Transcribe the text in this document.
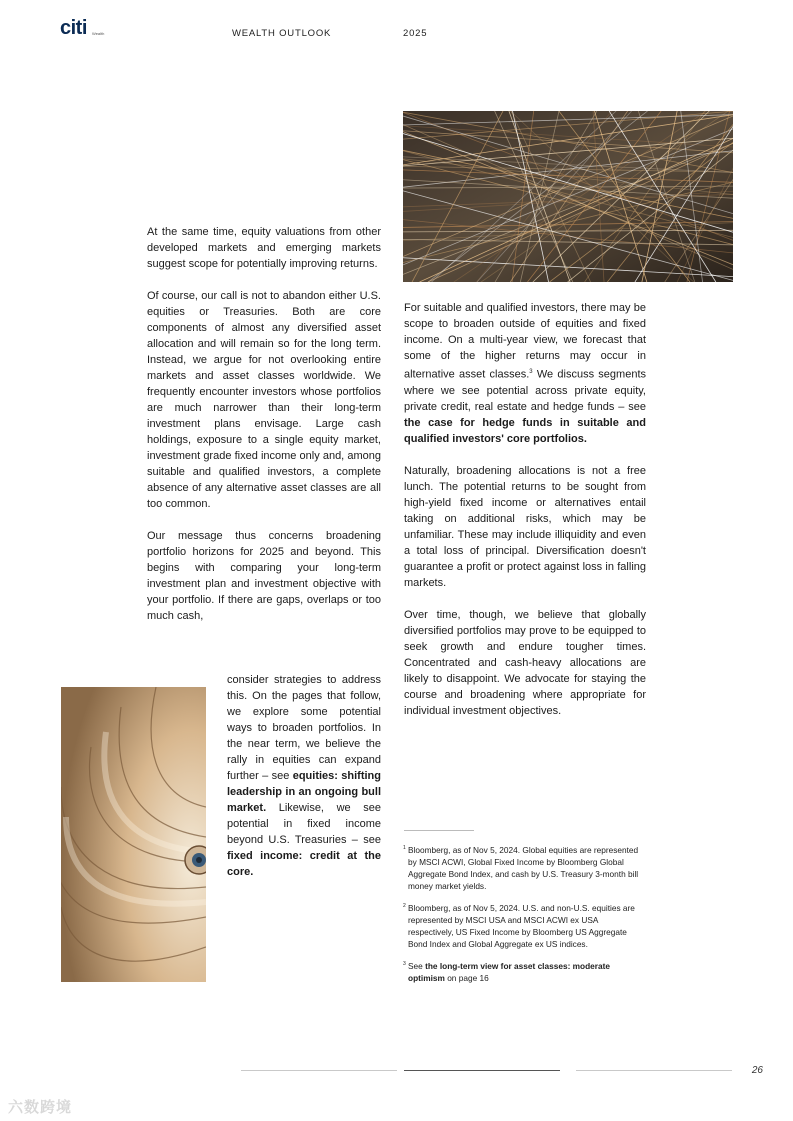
citi Wealth	WEALTH OUTLOOK	2025

At the same time, equity valuations from other developed markets and emerging markets suggest scope for potentially improving returns.

Of course, our call is not to abandon either U.S. equities or Treasuries. Both are core components of almost any diversified asset allocation and will remain so for the long term. Instead, we argue for not overlooking entire markets and asset classes worldwide. We frequently encounter investors whose portfolios are much narrower than their long-term investment plans envisage. Large cash holdings, exposure to a single equity market, investment grade fixed income only and, among suitable and qualified investors, a complete absence of any alternative asset classes are all too common.

Our message thus concerns broadening portfolio horizons for 2025 and beyond. This begins with comparing your long-term investment plan and investment objective with your portfolio. If there are gaps, overlaps or too much cash,

consider strategies to address this. On the pages that follow, we explore some potential ways to broaden portfolios. In the near term, we believe the rally in equities can expand further – see equities: shifting leadership in an ongoing bull market. Likewise, we see potential in fixed income beyond U.S. Treasuries – see fixed income: credit at the core.

For suitable and qualified investors, there may be scope to broaden outside of equities and fixed income. On a multi-year view, we forecast that some of the higher returns may occur in alternative asset classes.$^3$ We discuss segments where we see potential across private equity, private credit, real estate and hedge funds – see the case for hedge funds in suitable and qualified investors' core portfolios.

Naturally, broadening allocations is not a free lunch. The potential returns to be sought from high-yield fixed income or alternatives entail taking on additional risks, which may be unfamiliar. These may include illiquidity and even a total loss of principal. Diversification doesn't guarantee a profit or protect against loss in falling markets.

Over time, though, we believe that globally diversified portfolios may prove to be equipped to seek growth and endure tougher times. Concentrated and cash-heavy allocations are likely to disappoint. We advocate for staying the course and broadening where appropriate for individual investment objectives.

1 Bloomberg, as of Nov 5, 2024. Global equities are represented by MSCI ACWI, Global Fixed Income by Bloomberg Global Aggregate Bond Index, and cash by U.S. Treasury 3-month bill money market yields.

2 Bloomberg, as of Nov 5, 2024. U.S. and non-U.S. equities are represented by MSCI USA and MSCI ACWI ex USA respectively, US Fixed Income by Bloomberg US Aggregate Bond Index and Global Aggregate ex US indices.

3 See the long-term view for asset classes: moderate optimism on page 16

26
六数跨境
